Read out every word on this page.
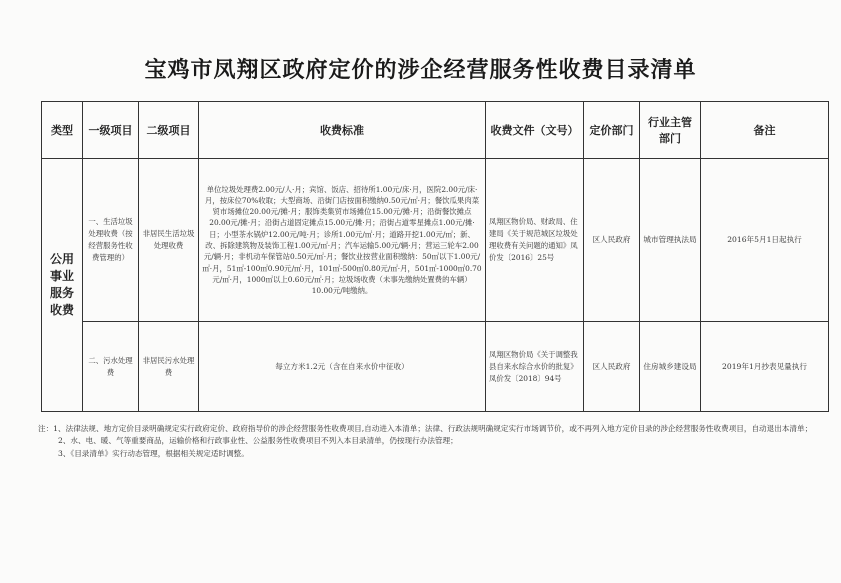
宝鸡市凤翔区政府定价的涉企经营服务性收费目录清单
类型	一级项目	二级项目	收费标准	收费文件（文号）	定价部门	行业主管部门	备注
公用事业服务收费	一、生活垃圾处理收费（按经营服务性收费管理的）	非居民生活垃圾处理收费	单位垃圾处理费2.00元/人·月；宾馆、饭店、招待所1.00元/床·月，医院2.00元/床·月，按床位70%收取；大型商场、沿街门店按面积缴纳0.50元/㎡·月；餐饮瓜果肉菜贸市场摊位20.00元/摊·月；服饰类集贸市场摊位15.00元/摊·月；沿街餐饮摊点20.00元/摊·月；沿街占道固定摊点15.00元/摊·月；沿街占道零星摊点1.00元/摊·日；小型茶水锅炉12.00元/吨·月；诊所1.00元/㎡·月；道路开挖1.00元/㎡；新、改、拆除建筑物及装饰工程1.00元/㎡·月；汽车运输5.00元/辆·月；营运三轮车2.00元/辆·月；非机动车保管站0.50元/㎡·月；餐饮业按营业面积缴纳：50㎡以下1.00元/㎡·月，51㎡-100㎡0.90元/㎡·月，101㎡-500㎡0.80元/㎡·月，501㎡-1000㎡0.70元/㎡·月，1000㎡以上0.60元/㎡·月；垃圾场收费（未事先缴纳处置费的车辆）10.00元/吨缴纳。	凤翔区物价局、财政局、住建局《关于规范城区垃圾处理收费有关问题的通知》凤价发〔2016〕25号	区人民政府	城市管理执法局	2016年5月1日起执行
	二、污水处理费	非居民污水处理费	每立方米1.2元（含在自来水价中征收）	凤翔区物价局《关于调整我县自来水综合水价的批复》凤价发〔2018〕94号	区人民政府	住房城乡建设局	2019年1月抄表见量执行
注：1、法律法规、地方定价目录明确规定实行政府定价、政府指导价的涉企经营服务性收费项目,自动进入本清单；法律、行政法规明确规定实行市场调节价，或不再列入地方定价目录的涉企经营服务性收费项目，自动退出本清单；
2、水、电、暖、气等重要商品，运输价格和行政事业性、公益服务性收费项目不列入本目录清单，仍按现行办法管理；
3、《目录清单》实行动态管理，根据相关规定适时调整。
